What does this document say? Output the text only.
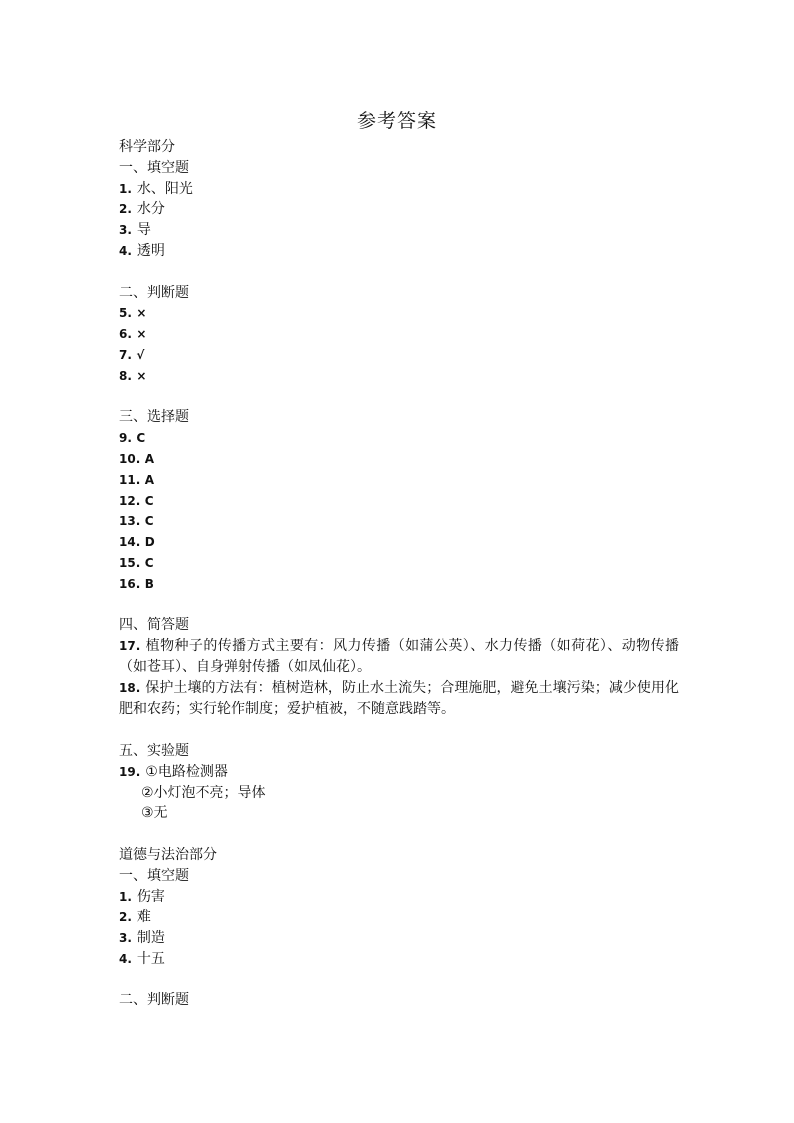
参考答案
科学部分
一、填空题
1. 水、阳光
2. 水分
3. 导
4. 透明
二、判断题
5. ×
6. ×
7. √
8. ×
三、选择题
9. C
10. A
11. A
12. C
13. C
14. D
15. C
16. B
四、简答题
17. 植物种子的传播方式主要有：风力传播（如蒲公英）、水力传播（如荷花）、动物传播（如苍耳）、自身弹射传播（如凤仙花）。
18. 保护土壤的方法有：植树造林，防止水土流失；合理施肥，避免土壤污染；减少使用化肥和农药；实行轮作制度；爱护植被，不随意践踏等。
五、实验题
19. ①电路检测器
②小灯泡不亮；导体
③无
道德与法治部分
一、填空题
1. 伤害
2. 难
3. 制造
4. 十五
二、判断题
